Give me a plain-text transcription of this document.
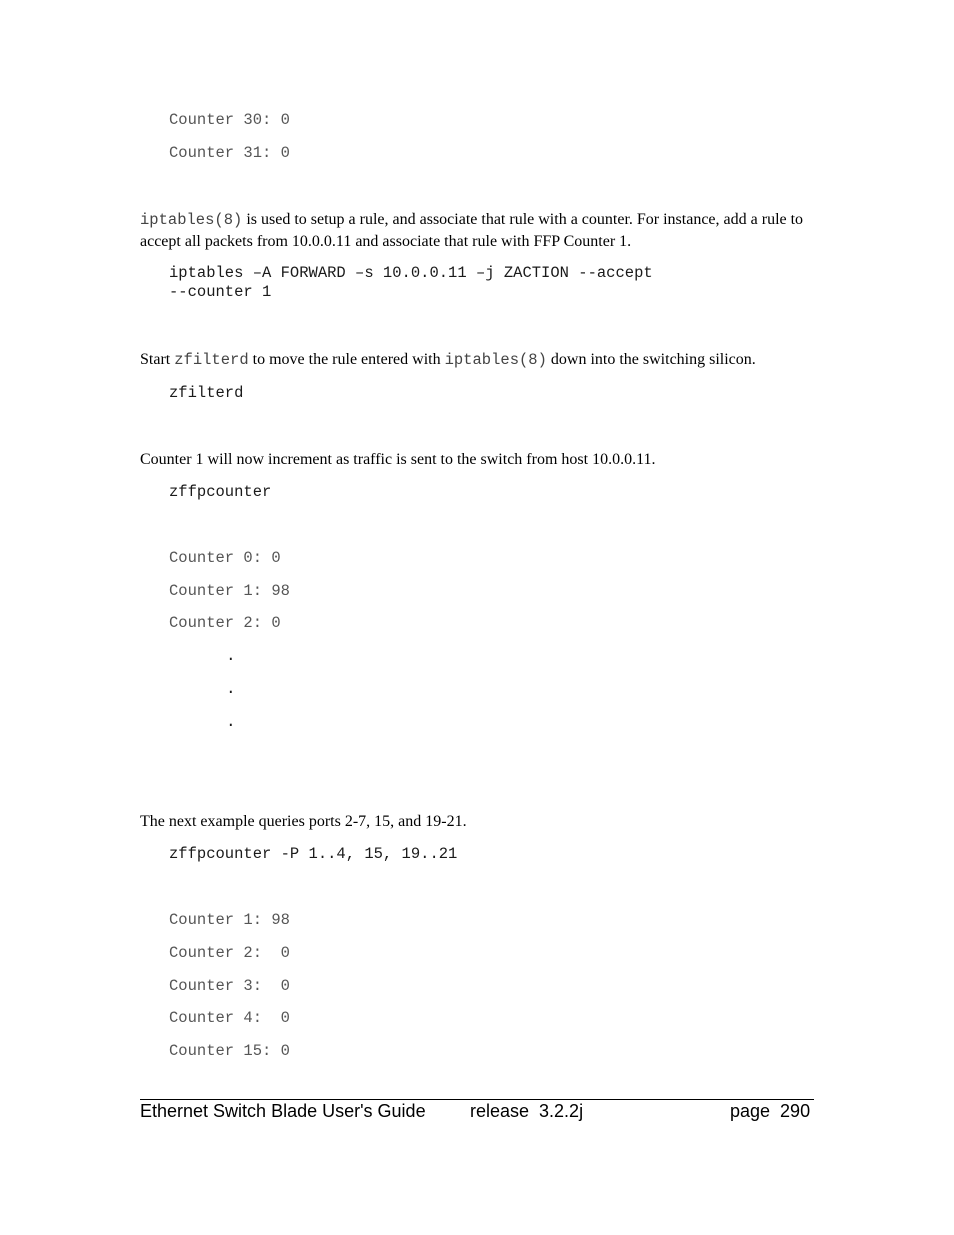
Counter 30: 0
Counter 31: 0
iptables(8) is used to setup a rule, and associate that rule with a counter. For instance, add a rule to accept all packets from 10.0.0.11 and associate that rule with FFP Counter 1.
iptables –A FORWARD –s 10.0.0.11 –j ZACTION --accept
--counter 1
Start zfilterd to move the rule entered with iptables(8) down into the switching silicon.
zfilterd
Counter 1 will now increment as traffic is sent to the switch from host 10.0.0.11.
zffpcounter
Counter 0: 0
Counter 1: 98
Counter 2: 0
.
.
.
The next example queries ports 2-7, 15, and 19-21.
zffpcounter -P 1..4, 15, 19..21
Counter 1: 98
Counter 2:  0
Counter 3:  0
Counter 4:  0
Counter 15: 0
Ethernet Switch Blade User's Guide release  3.2.2j	page  290
